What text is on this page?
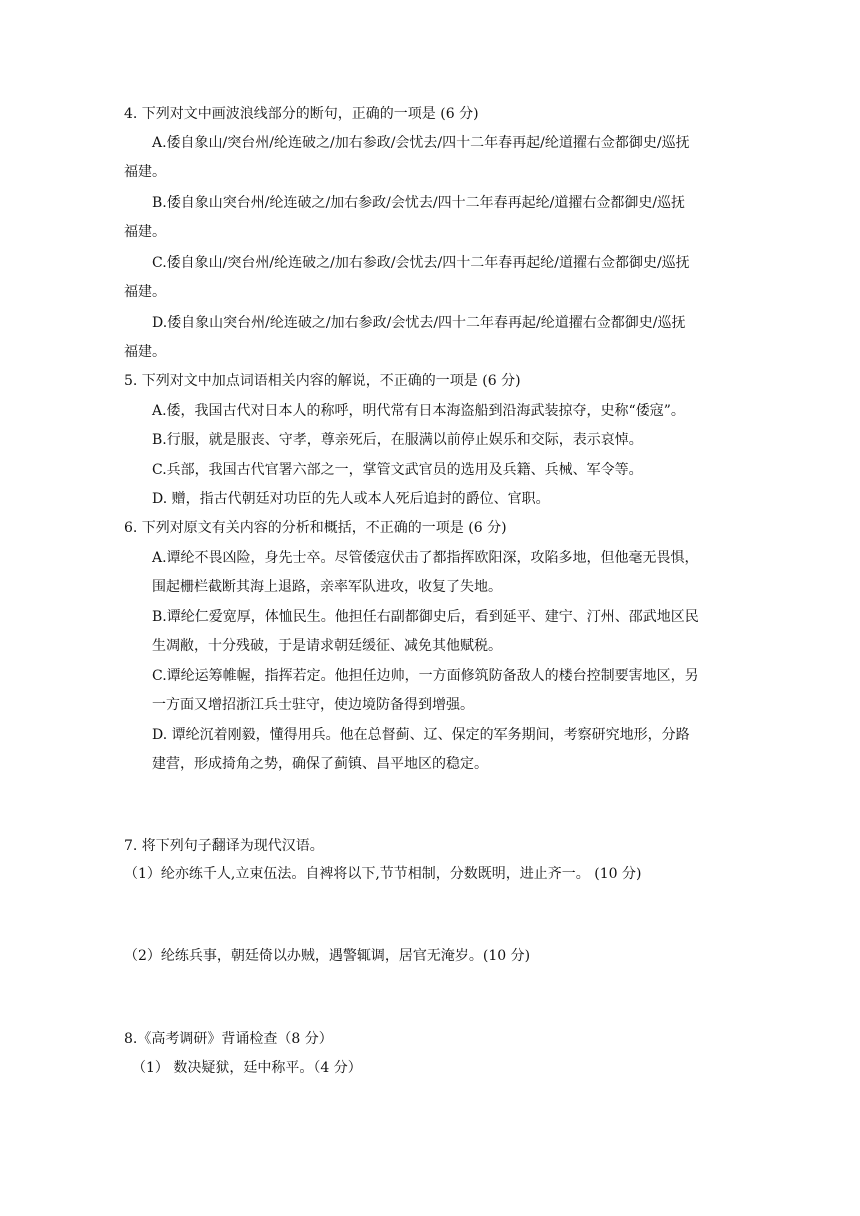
4. 下列对文中画波浪线部分的断句，正确的一项是 (6 分)
A.倭自象山/突台州/纶连破之/加右参政/会忧去/四十二年春再起/纶道擢右佥都御史/巡抚
福建。
B.倭自象山突台州/纶连破之/加右参政/会忧去/四十二年春再起纶/道擢右佥都御史/巡抚
福建。
C.倭自象山/突台州/纶连破之/加右参政/会忧去/四十二年春再起纶/道擢右佥都御史/巡抚
福建。
D.倭自象山突台州/纶连破之/加右参政/会忧去/四十二年春再起/纶道擢右佥都御史/巡抚
福建。
5. 下列对文中加点词语相关内容的解说，不正确的一项是 (6 分)
A.倭，我国古代对日本人的称呼，明代常有日本海盗船到沿海武装掠夺，史称“倭寇”。
B.行服，就是服丧、守孝，尊亲死后，在服满以前停止娱乐和交际，表示哀悼。
C.兵部，我国古代官署六部之一，掌管文武官员的选用及兵籍、兵械、军令等。
D. 赠，指古代朝廷对功臣的先人或本人死后追封的爵位、官职。
6. 下列对原文有关内容的分析和概括，不正确的一项是 (6 分)
A.谭纶不畏凶险，身先士卒。尽管倭寇伏击了都指挥欧阳深，攻陷多地，但他毫无畏惧，
围起栅栏截断其海上退路，亲率军队进攻，收复了失地。
B.谭纶仁爱宽厚，体恤民生。他担任右副都御史后，看到延平、建宁、汀州、邵武地区民
生凋敝，十分残破，于是请求朝廷缓征、减免其他赋税。
C.谭纶运筹帷幄，指挥若定。他担任边帅，一方面修筑防备敌人的楼台控制要害地区，另
一方面又增招浙江兵士驻守，使边境防备得到增强。
D. 谭纶沉着刚毅，懂得用兵。他在总督蓟、辽、保定的军务期间，考察研究地形，分路
建营，形成掎角之势，确保了蓟镇、昌平地区的稳定。
7. 将下列句子翻译为现代汉语。
（1）纶亦练千人,立束伍法。自裨将以下,节节相制，分数既明，进止齐一。 (10 分)
（2）纶练兵事，朝廷倚以办贼，遇警辄调，居官无淹岁。(10 分)
8.《高考调研》背诵检查（8 分）
（1） 数决疑狱，廷中称平。（4 分）
